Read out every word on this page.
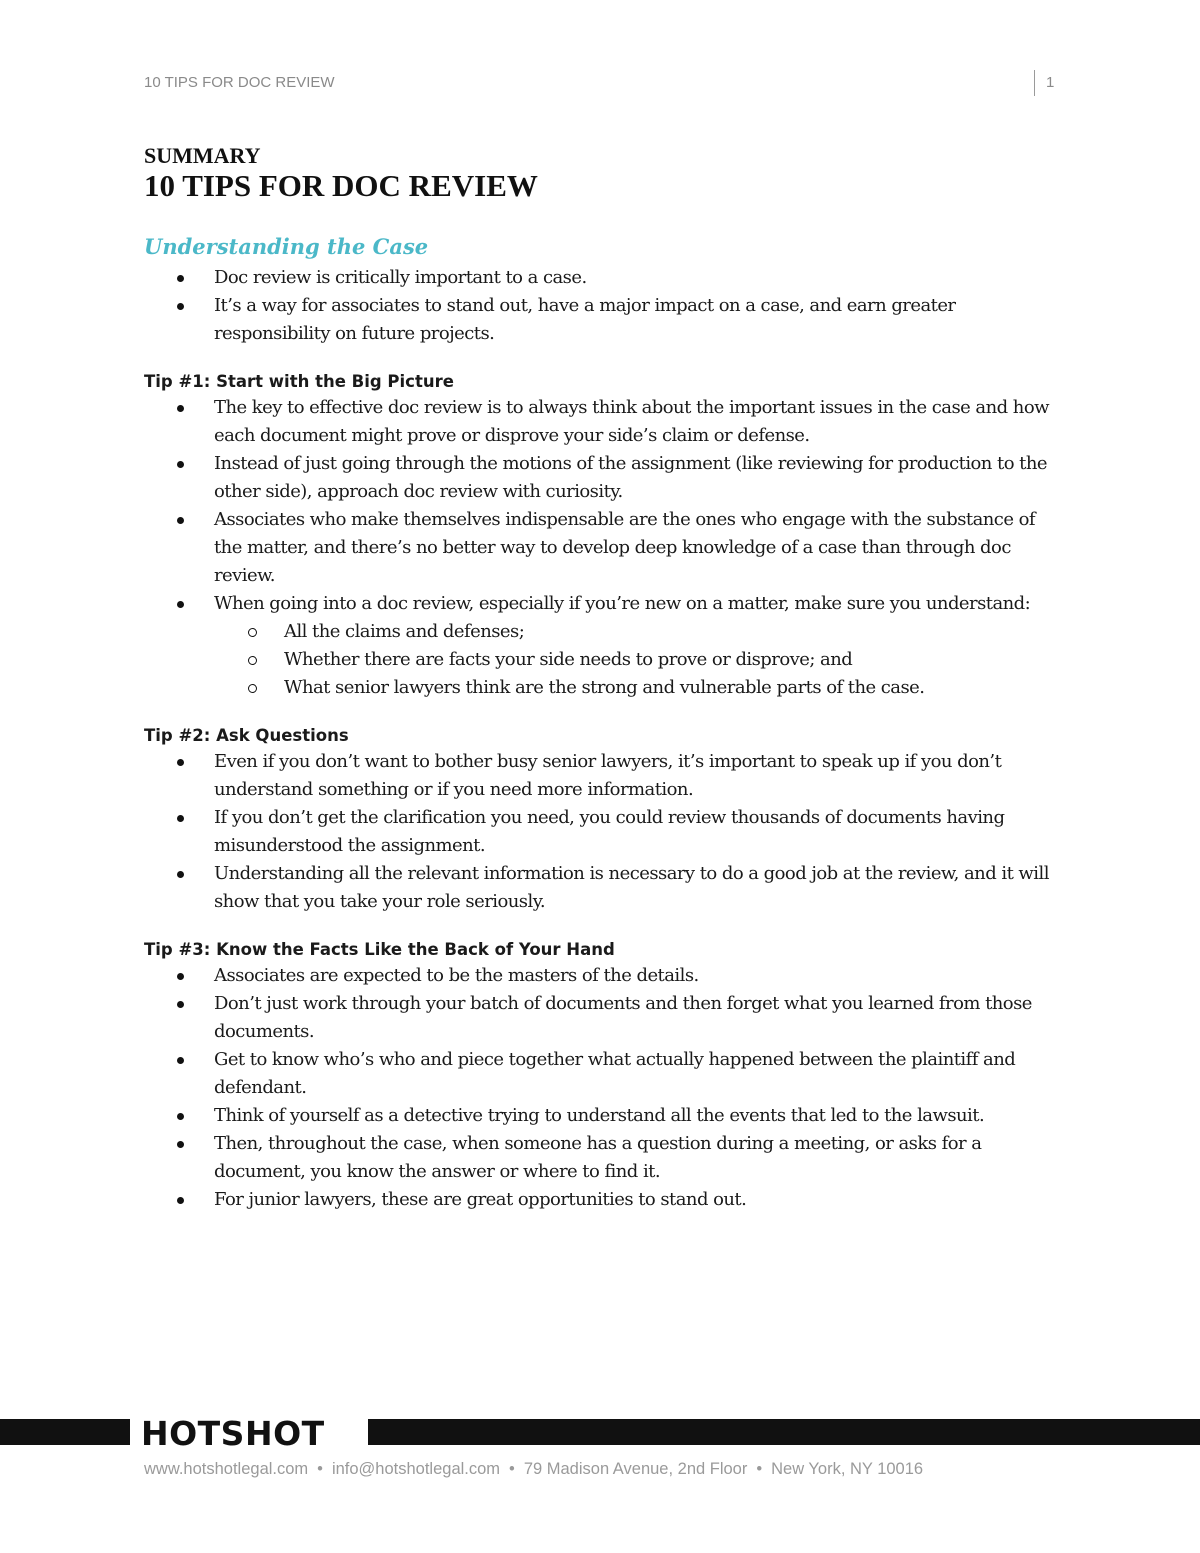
10 TIPS FOR DOC REVIEW	1
SUMMARY
10 TIPS FOR DOC REVIEW
Understanding the Case
Doc review is critically important to a case.
It’s a way for associates to stand out, have a major impact on a case, and earn greater responsibility on future projects.
Tip #1: Start with the Big Picture
The key to effective doc review is to always think about the important issues in the case and how each document might prove or disprove your side’s claim or defense.
Instead of just going through the motions of the assignment (like reviewing for production to the other side), approach doc review with curiosity.
Associates who make themselves indispensable are the ones who engage with the substance of the matter, and there’s no better way to develop deep knowledge of a case than through doc review.
When going into a doc review, especially if you’re new on a matter, make sure you understand:
All the claims and defenses;
Whether there are facts your side needs to prove or disprove; and
What senior lawyers think are the strong and vulnerable parts of the case.
Tip #2: Ask Questions
Even if you don’t want to bother busy senior lawyers, it’s important to speak up if you don’t understand something or if you need more information.
If you don’t get the clarification you need, you could review thousands of documents having misunderstood the assignment.
Understanding all the relevant information is necessary to do a good job at the review, and it will show that you take your role seriously.
Tip #3: Know the Facts Like the Back of Your Hand
Associates are expected to be the masters of the details.
Don’t just work through your batch of documents and then forget what you learned from those documents.
Get to know who’s who and piece together what actually happened between the plaintiff and defendant.
Think of yourself as a detective trying to understand all the events that led to the lawsuit.
Then, throughout the case, when someone has a question during a meeting, or asks for a document, you know the answer or where to find it.
For junior lawyers, these are great opportunities to stand out.
HOTSHOT
www.hotshotlegal.com • info@hotshotlegal.com • 79 Madison Avenue, 2nd Floor • New York, NY 10016
